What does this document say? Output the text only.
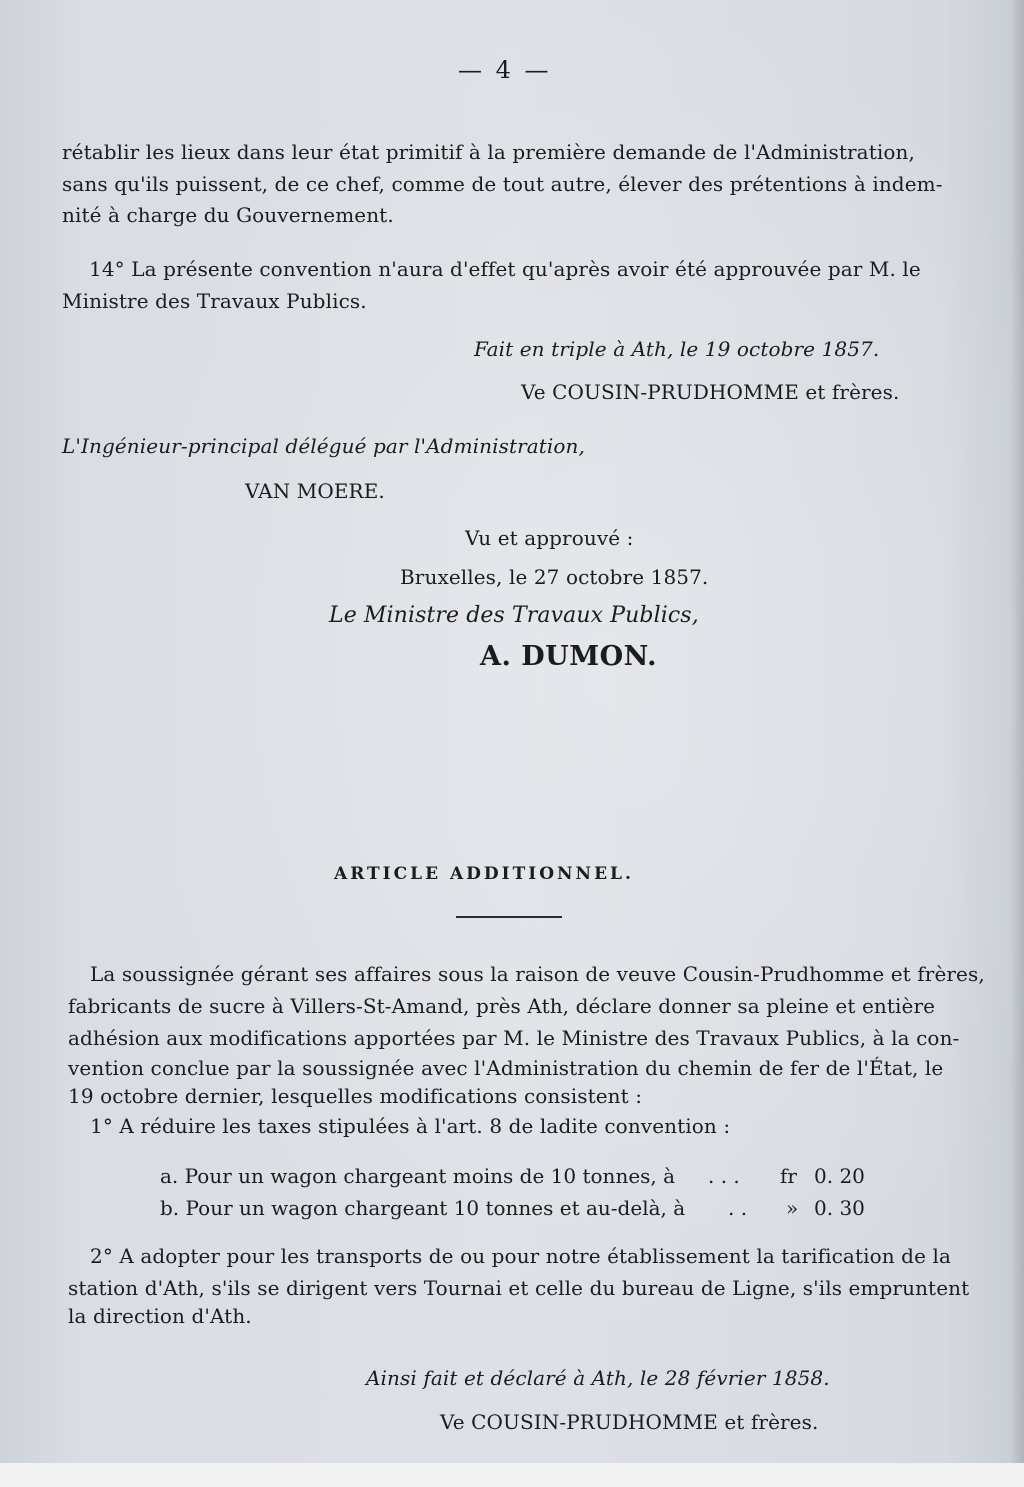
— 4 —
rétablir les lieux dans leur état primitif à la première demande de l'Administration,
sans qu'ils puissent, de ce chef, comme de tout autre, élever des prétentions à indem-
nité à charge du Gouvernement.
14° La présente convention n'aura d'effet qu'après avoir été approuvée par M. le
Ministre des Travaux Publics.
Fait en triple à Ath, le 19 octobre 1857.
Ve COUSIN-PRUDHOMME et frères.
L'Ingénieur-principal délégué par l'Administration,
VAN MOERE.
Vu et approuvé :
Bruxelles, le 27 octobre 1857.
Le Ministre des Travaux Publics,
A. DUMON.
ARTICLE ADDITIONNEL.
La soussignée gérant ses affaires sous la raison de veuve Cousin-Prudhomme et frères,
fabricants de sucre à Villers-St-Amand, près Ath, déclare donner sa pleine et entière
adhésion aux modifications apportées par M. le Ministre des Travaux Publics, à la con-
vention conclue par la soussignée avec l'Administration du chemin de fer de l'État, le
19 octobre dernier, lesquelles modifications consistent :
1° A réduire les taxes stipulées à l'art. 8 de ladite convention :
a. Pour un wagon chargeant moins de 10 tonnes, à . . . fr 0. 20
b. Pour un wagon chargeant 10 tonnes et au-delà, à . . » 0. 30
2° A adopter pour les transports de ou pour notre établissement la tarification de la
station d'Ath, s'ils se dirigent vers Tournai et celle du bureau de Ligne, s'ils empruntent
la direction d'Ath.
Ainsi fait et déclaré à Ath, le 28 février 1858.
Ve COUSIN-PRUDHOMME et frères.
